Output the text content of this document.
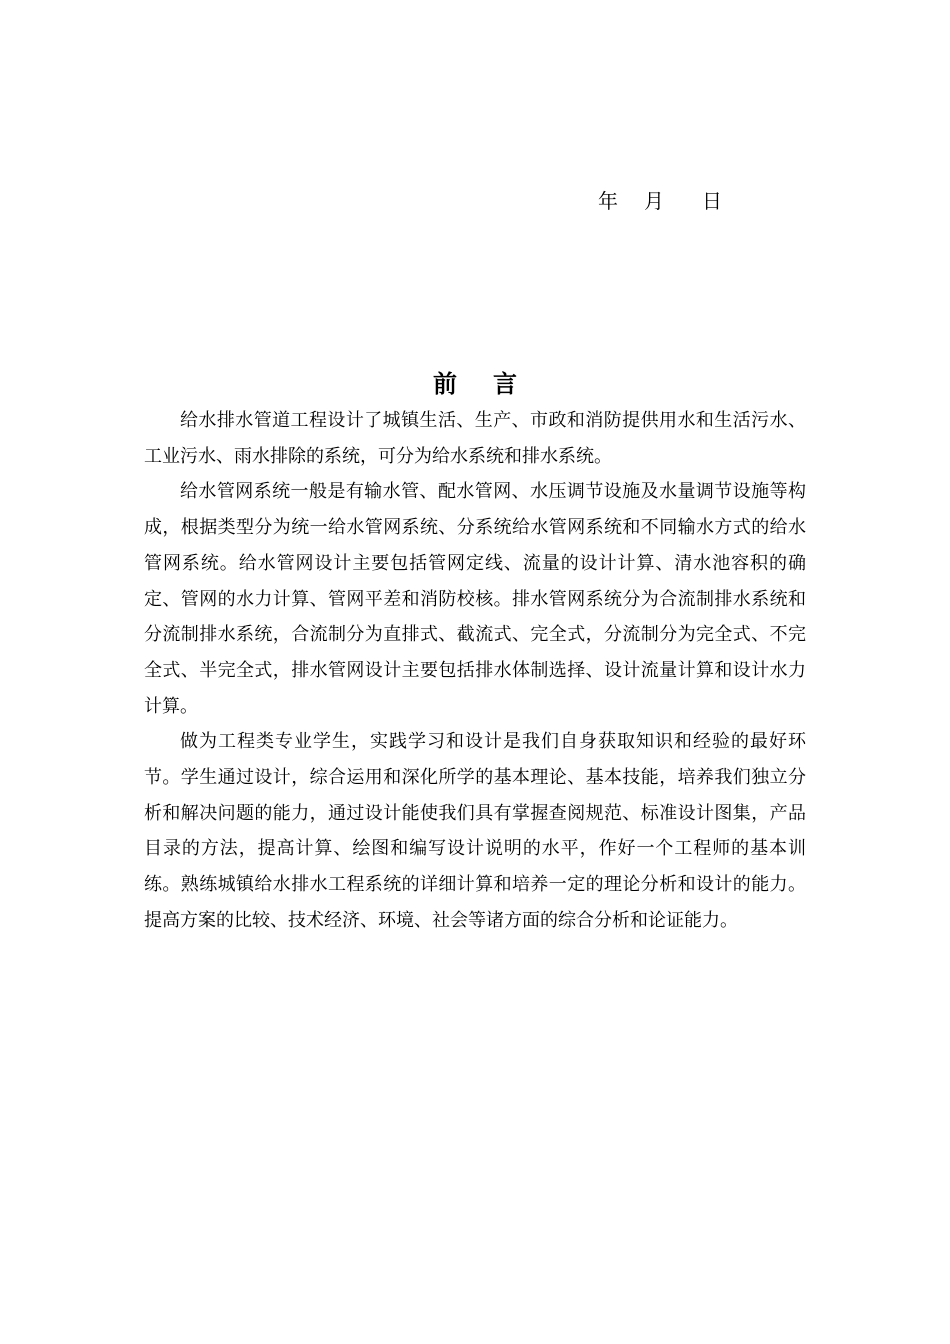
年 月 日
前言

给水排水管道工程设计了城镇生活、生产、市政和消防提供用水和生活污水、工业污水、雨水排除的系统，可分为给水系统和排水系统。

给水管网系统一般是有输水管、配水管网、水压调节设施及水量调节设施等构成，根据类型分为统一给水管网系统、分系统给水管网系统和不同输水方式的给水管网系统。给水管网设计主要包括管网定线、流量的设计计算、清水池容积的确定、管网的水力计算、管网平差和消防校核。排水管网系统分为合流制排水系统和分流制排水系统，合流制分为直排式、截流式、完全式，分流制分为完全式、不完全式、半完全式，排水管网设计主要包括排水体制选择、设计流量计算和设计水力计算。

做为工程类专业学生，实践学习和设计是我们自身获取知识和经验的最好环节。学生通过设计，综合运用和深化所学的基本理论、基本技能，培养我们独立分析和解决问题的能力，通过设计能使我们具有掌握查阅规范、标准设计图集，产品目录的方法，提高计算、绘图和编写设计说明的水平，作好一个工程师的基本训练。熟练城镇给水排水工程系统的详细计算和培养一定的理论分析和设计的能力。提高方案的比较、技术经济、环境、社会等诸方面的综合分析和论证能力。
